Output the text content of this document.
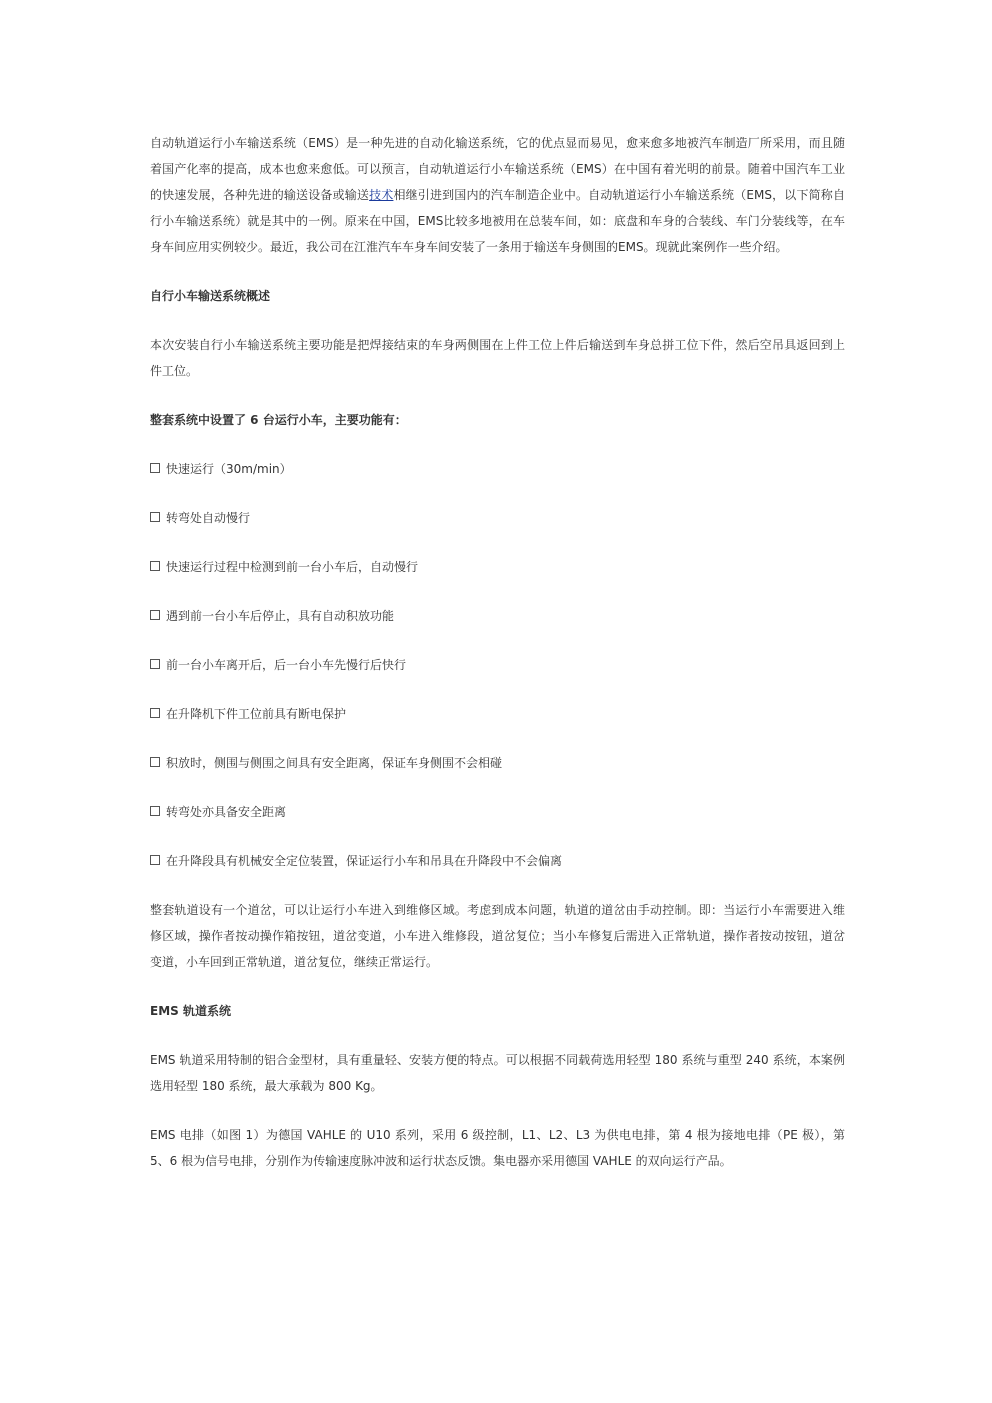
自动轨道运行小车输送系统（EMS）是一种先进的自动化输送系统，它的优点显而易见，愈来愈多地被汽车制造厂所采用，而且随着国产化率的提高，成本也愈来愈低。可以预言，自动轨道运行小车输送系统（EMS）在中国有着光明的前景。随着中国汽车工业的快速发展，各种先进的输送设备或输送技术相继引进到国内的汽车制造企业中。自动轨道运行小车输送系统（EMS，以下简称自行小车输送系统）就是其中的一例。原来在中国，EMS比较多地被用在总装车间，如：底盘和车身的合装线、车门分装线等，在车身车间应用实例较少。最近，我公司在江淮汽车车身车间安装了一条用于输送车身侧围的EMS。现就此案例作一些介绍。

自行小车输送系统概述

本次安装自行小车输送系统主要功能是把焊接结束的车身两侧围在上件工位上件后输送到车身总拼工位下件，然后空吊具返回到上件工位。

整套系统中设置了 6 台运行小车，主要功能有：

快速运行（30m/min）

转弯处自动慢行

快速运行过程中检测到前一台小车后，自动慢行

遇到前一台小车后停止，具有自动积放功能

前一台小车离开后，后一台小车先慢行后快行

在升降机下件工位前具有断电保护

积放时，侧围与侧围之间具有安全距离，保证车身侧围不会相碰

转弯处亦具备安全距离

在升降段具有机械安全定位装置，保证运行小车和吊具在升降段中不会偏离

整套轨道设有一个道岔，可以让运行小车进入到维修区域。考虑到成本问题，轨道的道岔由手动控制。即：当运行小车需要进入维修区域，操作者按动操作箱按钮，道岔变道，小车进入维修段，道岔复位；当小车修复后需进入正常轨道，操作者按动按钮，道岔变道，小车回到正常轨道，道岔复位，继续正常运行。

EMS 轨道系统

EMS 轨道采用特制的铝合金型材，具有重量轻、安装方便的特点。可以根据不同载荷选用轻型 180 系统与重型 240 系统，本案例选用轻型 180 系统，最大承载为 800 Kg。

EMS 电排（如图 1）为德国 VAHLE 的 U10 系列，采用 6 级控制，L1、L2、L3 为供电电排，第 4 根为接地电排（PE 极），第 5、6 根为信号电排，分别作为传输速度脉冲波和运行状态反馈。集电器亦采用德国 VAHLE 的双向运行产品。
